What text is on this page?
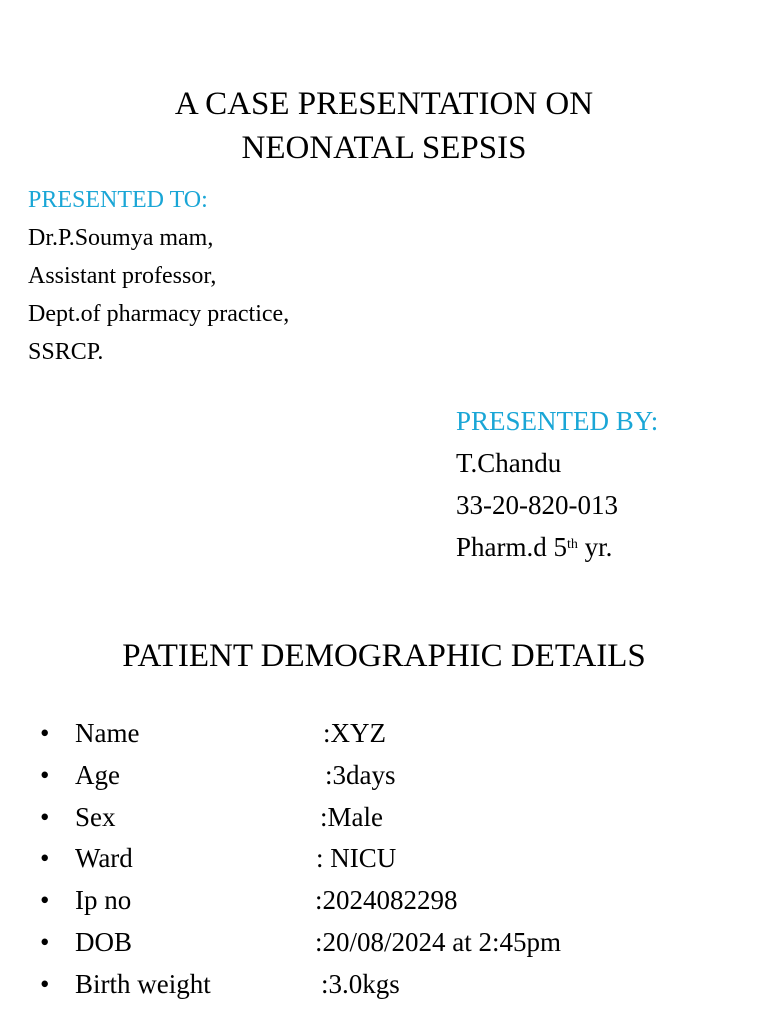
A CASE PRESENTATION ON
NEONATAL SEPSIS
PRESENTED TO:
Dr.P.Soumya mam,
Assistant professor,
Dept.of pharmacy practice,
SSRCP.
PRESENTED BY:
T.Chandu
33-20-820-013
Pharm.d 5th yr.
PATIENT DEMOGRAPHIC DETAILS
• Name	:XYZ
• Age	:3days
• Sex	:Male
• Ward	: NICU
• Ip no	:2024082298
• DOB	:20/08/2024 at 2:45pm
• Birth weight	:3.0kgs
